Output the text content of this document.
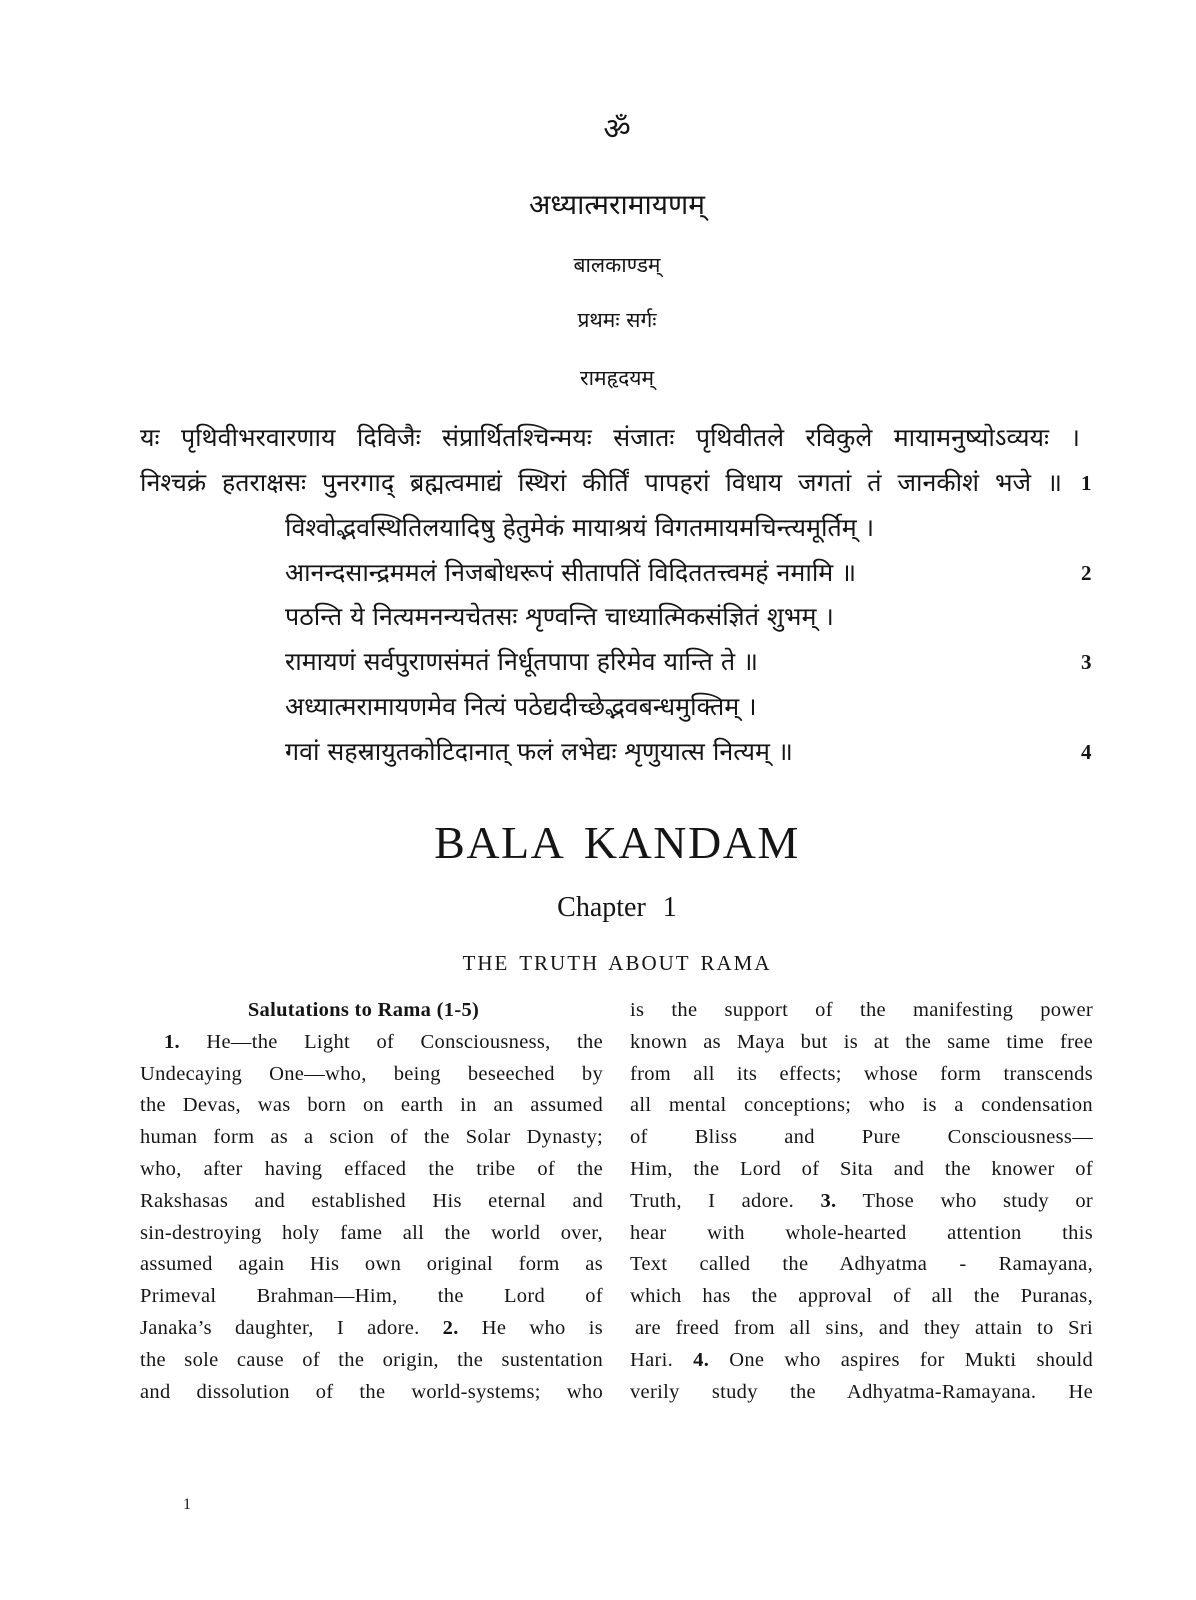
ॐ
अध्यात्मरामायणम्
बालकाण्डम्
प्रथमः सर्गः
रामहृदयम्
यः पृथिवीभरवारणाय दिविजैः संप्रार्थितश्चिन्मयः संजातः पृथिवीतले रविकुले मायामनुष्योऽव्ययः ।
निश्चक्रं हतराक्षसः पुनरगाद् ब्रह्मत्वमाद्यं स्थिरां कीर्तिं पापहरां विधाय जगतां तं जानकीशं भजे ॥ 1
विश्वोद्भवस्थितिलयादिषु हेतुमेकं मायाश्रयं विगतमायमचिन्त्यमूर्तिम् ।
आनन्दसान्द्रममलं निजबोधरूपं सीतापतिं विदिततत्त्वमहं नमामि ॥	2
पठन्ति ये नित्यमनन्यचेतसः शृण्वन्ति चाध्यात्मिकसंज्ञितं शुभम् ।
रामायणं सर्वपुराणसंमतं निर्धूतपापा हरिमेव यान्ति ते ॥	3
अध्यात्मरामायणमेव नित्यं पठेद्यदीच्छेद्भवबन्धमुक्तिम् ।
गवां सहस्रायुतकोटिदानात् फलं लभेद्यः शृणुयात्स नित्यम् ॥	4
BALA KANDAM
Chapter 1
THE TRUTH ABOUT RAMA
Salutations to Rama (1-5)
1. He—the Light of Consciousness, the
Undecaying One—who, being beseeched by
the Devas, was born on earth in an assumed
human form as a scion of the Solar Dynasty;
who, after having effaced the tribe of the
Rakshasas and established His eternal and
sin-destroying holy fame all the world over,
assumed again His own original form as
Primeval Brahman—Him, the Lord of
Janaka’s daughter, I adore. 2. He who is
the sole cause of the origin, the sustentation
and dissolution of the world-systems; who
is the support of the manifesting power
known as Maya but is at the same time free
from all its effects; whose form transcends
all mental conceptions; who is a condensation
of Bliss and Pure Consciousness—
Him, the Lord of Sita and the knower of
Truth, I adore. 3. Those who study or
hear with whole-hearted attention this
Text called the Adhyatma - Ramayana,
which has the approval of all the Puranas,
are freed from all sins, and they attain to Sri
Hari. 4. One who aspires for Mukti should
verily study the Adhyatma-Ramayana. He
1
